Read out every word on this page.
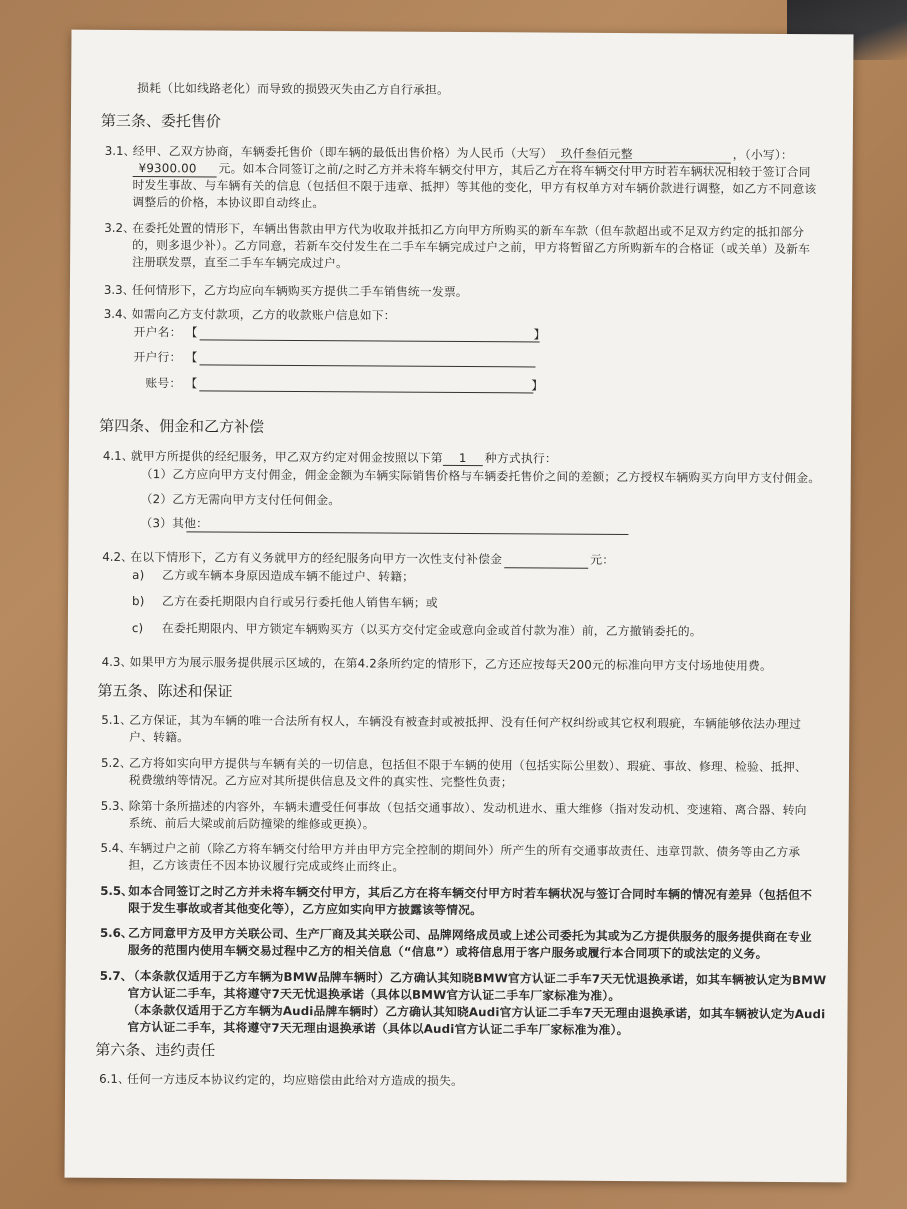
损耗（比如线路老化）而导致的损毁灭失由乙方自行承担。
第三条、委托售价
3.1、
经甲、乙双方协商，车辆委托售价（即车辆的最低出售价格）为人民币（大写） 玖仟叁佰元整	，（小写）：
¥9300.00 元。如本合同签订之前/之时乙方并未将车辆交付甲方，其后乙方在将车辆交付甲方时若车辆状况相较于签订合同
时发生事故、与车辆有关的信息（包括但不限于违章、抵押）等其他的变化，甲方有权单方对车辆价款进行调整，如乙方不同意该
调整后的价格，本协议即自动终止。
3.2、
在委托处置的情形下，车辆出售款由甲方代为收取并抵扣乙方向甲方所购买的新车车款（但车款超出或不足双方约定的抵扣部分
的，则多退少补）。乙方同意，若新车交付发生在二手车车辆完成过户之前，甲方将暂留乙方所购新车的合格证（或关单）及新车
注册联发票，直至二手车车辆完成过户。
3.3、
任何情形下，乙方均应向车辆购买方提供二手车销售统一发票。
3.4、
如需向乙方支付款项，乙方的收款账户信息如下：
开户名： 【	】
开户行： 【
账号： 【	】
第四条、佣金和乙方补偿
4.1、
就甲方所提供的经纪服务，甲乙双方约定对佣金按照以下第 1 种方式执行：
（1）乙方应向甲方支付佣金，佣金金额为车辆实际销售价格与车辆委托售价之间的差额；乙方授权车辆购买方向甲方支付佣金。
（2）乙方无需向甲方支付任何佣金。
（3）其他：
4.2、
在以下情形下，乙方有义务就甲方的经纪服务向甲方一次性支付补偿金	元：
a) 乙方或车辆本身原因造成车辆不能过户、转籍；
b) 乙方在委托期限内自行或另行委托他人销售车辆；或
c) 在委托期限内、甲方锁定车辆购买方（以买方交付定金或意向金或首付款为准）前，乙方撤销委托的。
4.3、
如果甲方为展示服务提供展示区域的，在第4.2条所约定的情形下，乙方还应按每天200元的标准向甲方支付场地使用费。
第五条、陈述和保证
5.1、
乙方保证，其为车辆的唯一合法所有权人，车辆没有被查封或被抵押、没有任何产权纠纷或其它权利瑕疵，车辆能够依法办理过
户、转籍。
5.2、
乙方将如实向甲方提供与车辆有关的一切信息，包括但不限于车辆的使用（包括实际公里数）、瑕疵、事故、修理、检验、抵押、
税费缴纳等情况。乙方应对其所提供信息及文件的真实性、完整性负责；
5.3、
除第十条所描述的内容外，车辆未遭受任何事故（包括交通事故）、发动机进水、重大维修（指对发动机、变速箱、离合器、转向
系统、前后大梁或前后防撞梁的维修或更换）。
5.4、
车辆过户之前（除乙方将车辆交付给甲方并由甲方完全控制的期间外）所产生的所有交通事故责任、违章罚款、债务等由乙方承
担，乙方该责任不因本协议履行完成或终止而终止。
5.5、
如本合同签订之时乙方并未将车辆交付甲方，其后乙方在将车辆交付甲方时若车辆状况与签订合同时车辆的情况有差异（包括但不
限于发生事故或者其他变化等），乙方应如实向甲方披露该等情况。
5.6、
乙方同意甲方及甲方关联公司、生产厂商及其关联公司、品牌网络成员或上述公司委托为其或为乙方提供服务的服务提供商在专业
服务的范围内使用车辆交易过程中乙方的相关信息（“信息”）或将信息用于客户服务或履行本合同项下的或法定的义务。
5.7、
（本条款仅适用于乙方车辆为BMW品牌车辆时）乙方确认其知晓BMW官方认证二手车7天无忧退换承诺，如其车辆被认定为BMW
官方认证二手车，其将遵守7天无忧退换承诺（具体以BMW官方认证二手车厂家标准为准）。
（本条款仅适用于乙方车辆为Audi品牌车辆时）乙方确认其知晓Audi官方认证二手车7天无理由退换承诺，如其车辆被认定为Audi
官方认证二手车，其将遵守7天无理由退换承诺（具体以Audi官方认证二手车厂家标准为准）。
第六条、违约责任
6.1、
任何一方违反本协议约定的，均应赔偿由此给对方造成的损失。
